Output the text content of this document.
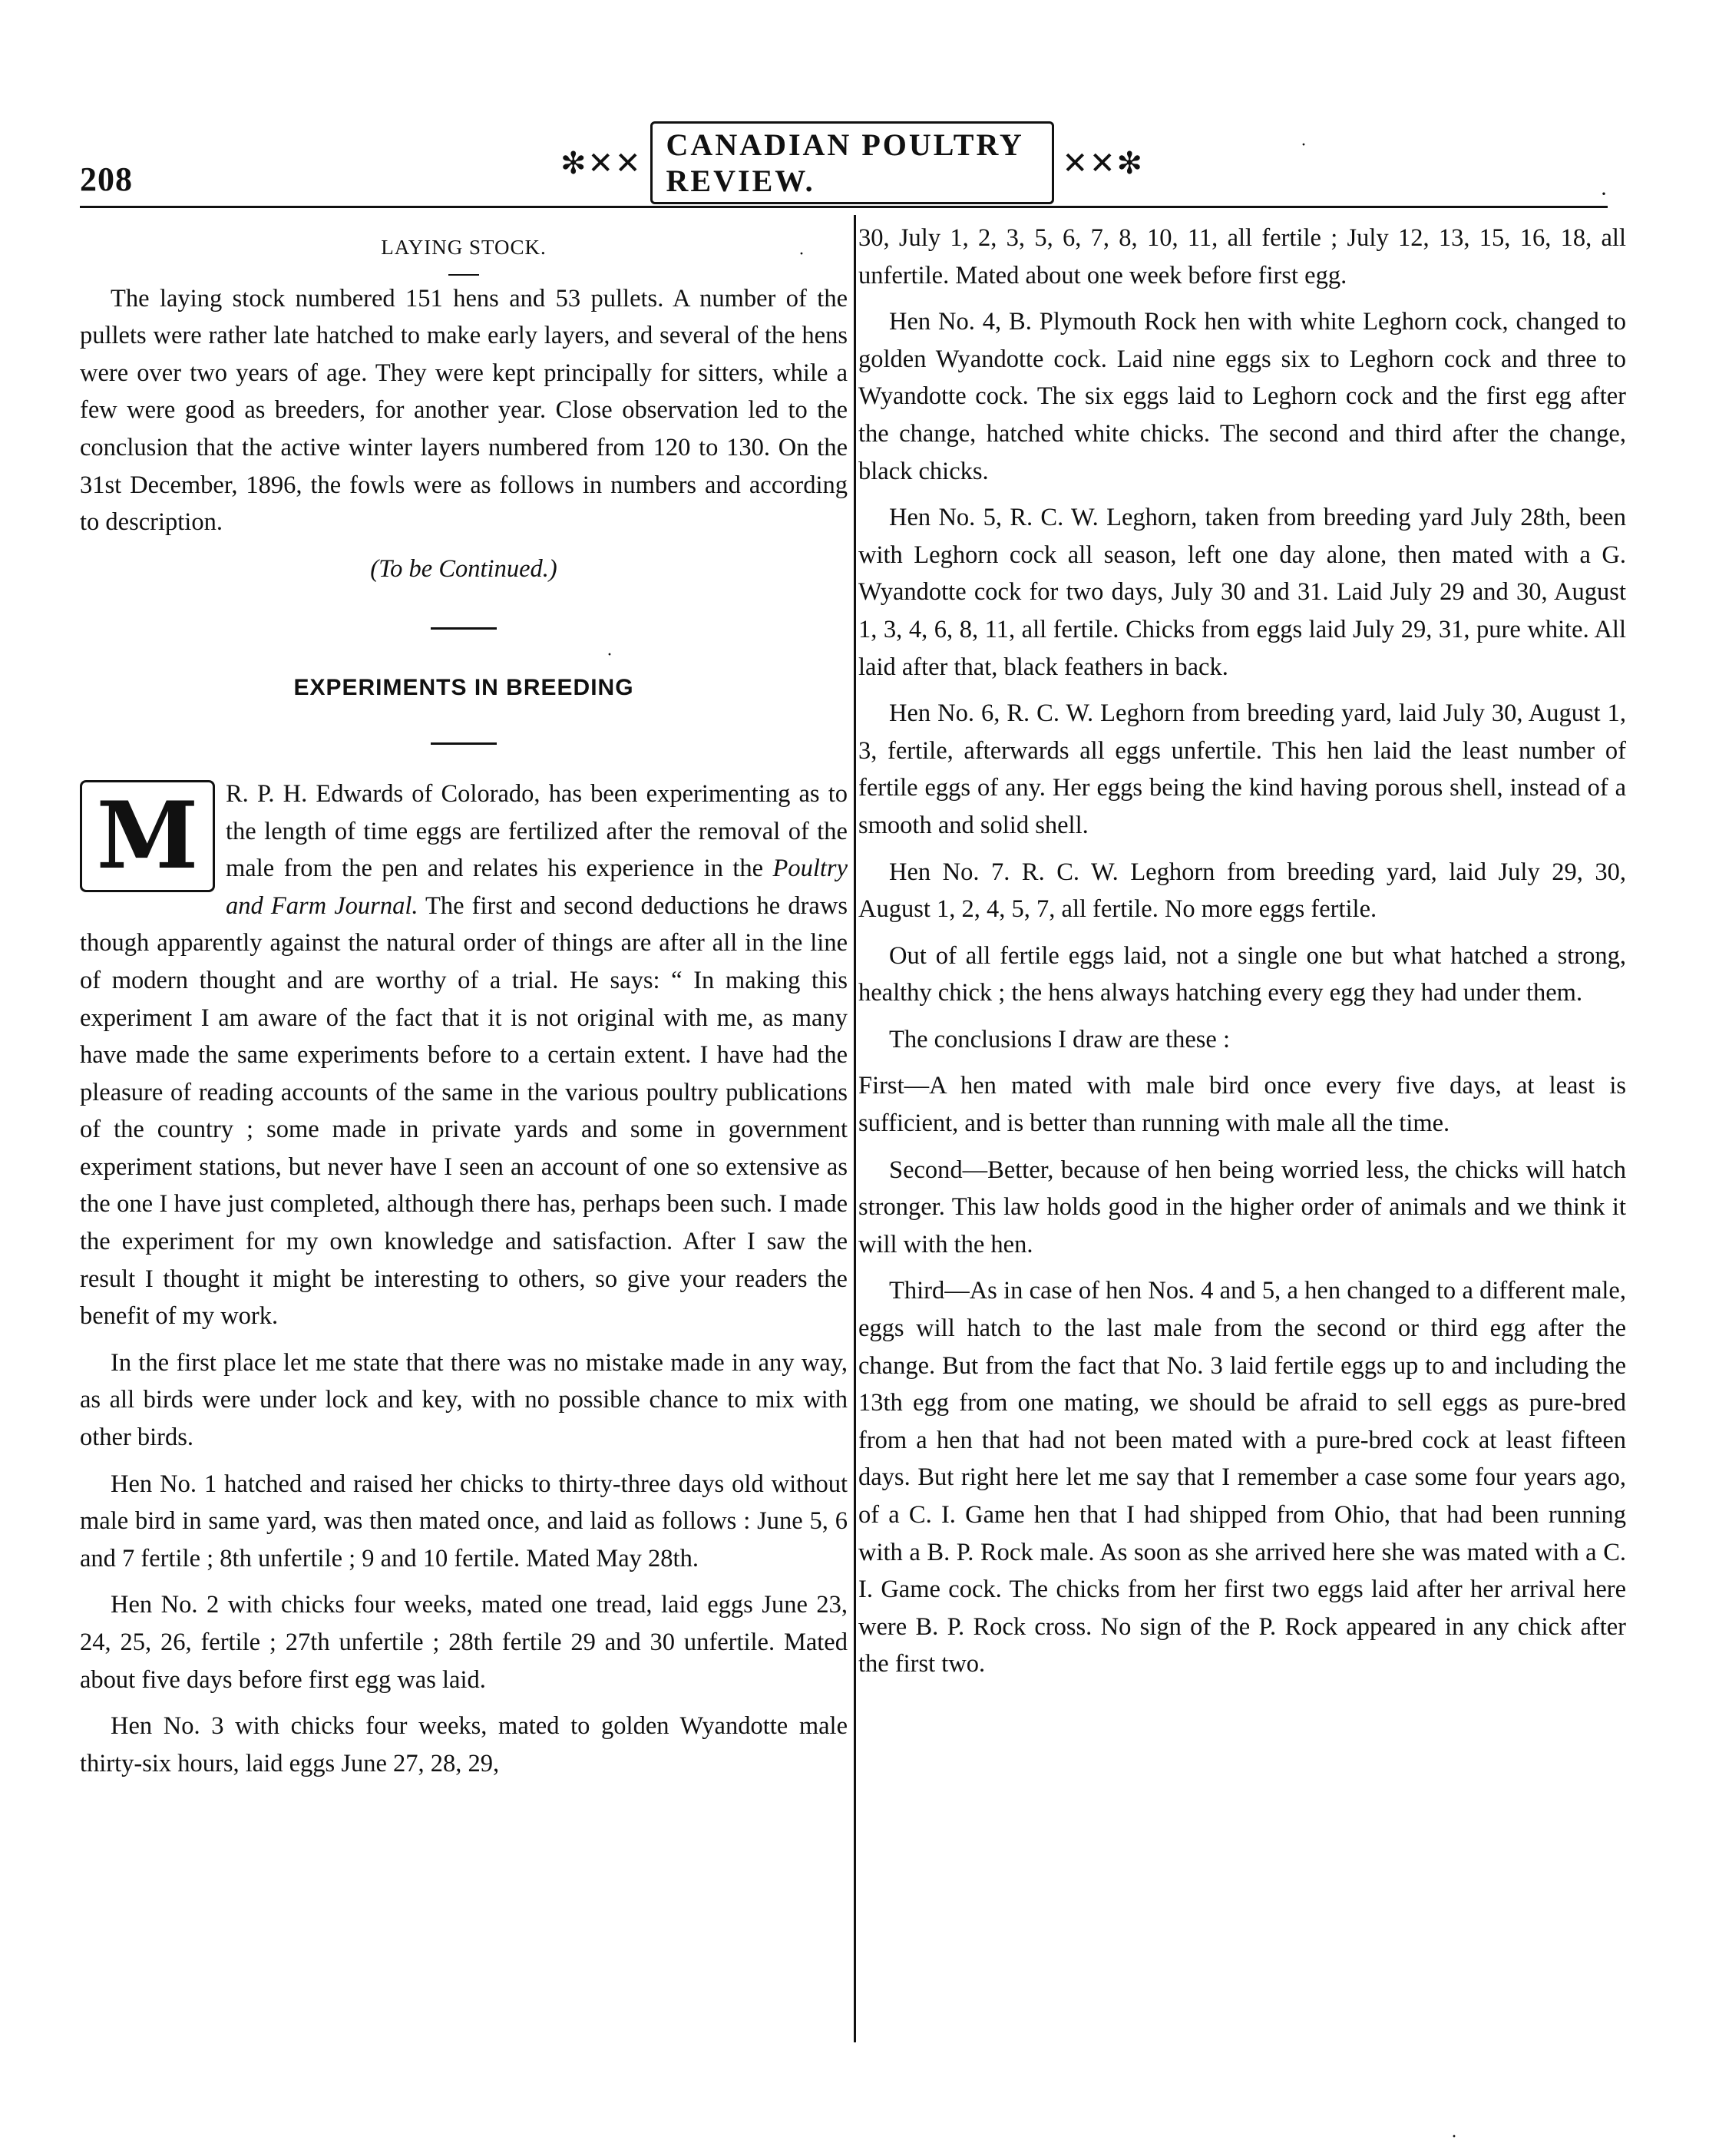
208	✻✕✕
CANADIAN POULTRY REVIEW.
✕✕✻
·
LAYING STOCK.

The laying stock numbered 151 hens and 53 pullets. A number of the pullets were rather late hatched to make early layers, and several of the hens were over two years of age. They were kept principally for sitters, while a few were good as breeders, for another year. Close observation led to the conclusion that the active winter layers numbered from 120 to 130. On the 31st December, 1896, the fowls were as follows in numbers and according to description.

(To be Continued.)

EXPERIMENTS IN BREEDING

M	R. P. H. Edwards of Colorado, has been experimenting as to the length of time eggs are fertilized after the removal of the male from the pen and relates his experience in the Poultry and Farm Journal. The first and second deductions he draws though apparently against the natural order of things are after all in the line of modern thought and are worthy of a trial. He says: “ In making this experiment I am aware of the fact that it is not original with me, as many have made the same experiments before to a certain extent. I have had the pleasure of reading accounts of the same in the various poultry publications of the country ; some made in private yards and some in government experiment stations, but never have I seen an account of one so extensive as the one I have just completed, although there has, perhaps been such. I made the experiment for my own knowledge and satisfaction. After I saw the result I thought it might be interesting to others, so give your readers the benefit of my work.

In the first place let me state that there was no mistake made in any way, as all birds were under lock and key, with no possible chance to mix with other birds.

Hen No. 1 hatched and raised her chicks to thirty-three days old without male bird in same yard, was then mated once, and laid as follows : June 5, 6 and 7 fertile ; 8th unfertile ; 9 and 10 fertile. Mated May 28th.

Hen No. 2 with chicks four weeks, mated one tread, laid eggs June 23, 24, 25, 26, fertile ; 27th unfertile ; 28th fertile 29 and 30 unfertile. Mated about five days before first egg was laid.

Hen No. 3 with chicks four weeks, mated to golden Wyandotte male thirty-six hours, laid eggs June 27, 28, 29,

30, July 1, 2, 3, 5, 6, 7, 8, 10, 11, all fertile ; July 12, 13, 15, 16, 18, all unfertile. Mated about one week before first egg.

Hen No. 4, B. Plymouth Rock hen with white Leghorn cock, changed to golden Wyandotte cock. Laid nine eggs six to Leghorn cock and three to Wyandotte cock. The six eggs laid to Leghorn cock and the first egg after the change, hatched white chicks. The second and third after the change, black chicks.

Hen No. 5, R. C. W. Leghorn, taken from breeding yard July 28th, been with Leghorn cock all season, left one day alone, then mated with a G. Wyandotte cock for two days, July 30 and 31. Laid July 29 and 30, August 1, 3, 4, 6, 8, 11, all fertile. Chicks from eggs laid July 29, 31, pure white. All laid after that, black feathers in back.

Hen No. 6, R. C. W. Leghorn from breeding yard, laid July 30, August 1, 3, fertile, afterwards all eggs unfertile. This hen laid the least number of fertile eggs of any. Her eggs being the kind having porous shell, instead of a smooth and solid shell.

Hen No. 7. R. C. W. Leghorn from breeding yard, laid July 29, 30, August 1, 2, 4, 5, 7, all fertile. No more eggs fertile.

Out of all fertile eggs laid, not a single one but what hatched a strong, healthy chick ; the hens always hatching every egg they had under them.

The conclusions I draw are these :

First—A hen mated with male bird once every five days, at least is sufficient, and is better than running with male all the time.

Second—Better, because of hen being worried less, the chicks will hatch stronger. This law holds good in the higher order of animals and we think it will with the hen.

Third—As in case of hen Nos. 4 and 5, a hen changed to a different male, eggs will hatch to the last male from the second or third egg after the change. But from the fact that No. 3 laid fertile eggs up to and including the 13th egg from one mating, we should be afraid to sell eggs as pure-bred from a hen that had not been mated with a pure-bred cock at least fifteen days. But right here let me say that I remember a case some four years ago, of a C. I. Game hen that I had shipped from Ohio, that had been running with a B. P. Rock male. As soon as she arrived here she was mated with a C. I. Game cock. The chicks from her first two eggs laid after her arrival here were B. P. Rock cross. No sign of the P. Rock appeared in any chick after the first two.

·
·
·
·
